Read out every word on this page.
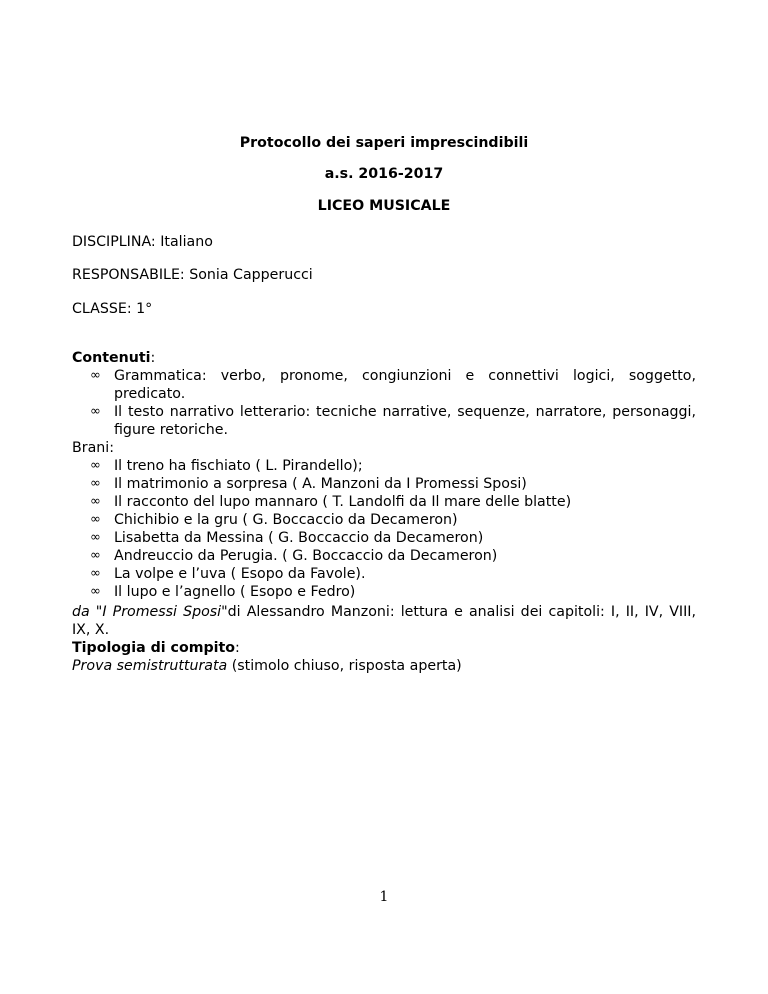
Protocollo dei saperi imprescindibili
a.s. 2016-2017
LICEO MUSICALE
DISCIPLINA: Italiano
RESPONSABILE: Sonia Capperucci
CLASSE: 1°
Contenuti:
∞ Grammatica: verbo, pronome, congiunzioni e connettivi logici, soggetto, predicato.
∞ Il testo narrativo letterario: tecniche narrative, sequenze, narratore, personaggi, figure retoriche.
Brani:
∞ Il treno ha fischiato ( L. Pirandello);
∞ Il matrimonio a sorpresa ( A. Manzoni da I Promessi Sposi)
∞ Il racconto del lupo mannaro ( T. Landolfi da Il mare delle blatte)
∞ Chichibio e la gru ( G. Boccaccio da Decameron)
∞ Lisabetta da Messina ( G. Boccaccio da Decameron)
∞ Andreuccio da Perugia. ( G. Boccaccio da Decameron)
∞ La volpe e l’uva ( Esopo da Favole).
∞ Il lupo e l’agnello ( Esopo e Fedro)
da "I Promessi Sposi"di Alessandro Manzoni: lettura e analisi dei capitoli: I, II, IV, VIII, IX, X.
Tipologia di compito:
Prova semistrutturata (stimolo chiuso, risposta aperta)
1
